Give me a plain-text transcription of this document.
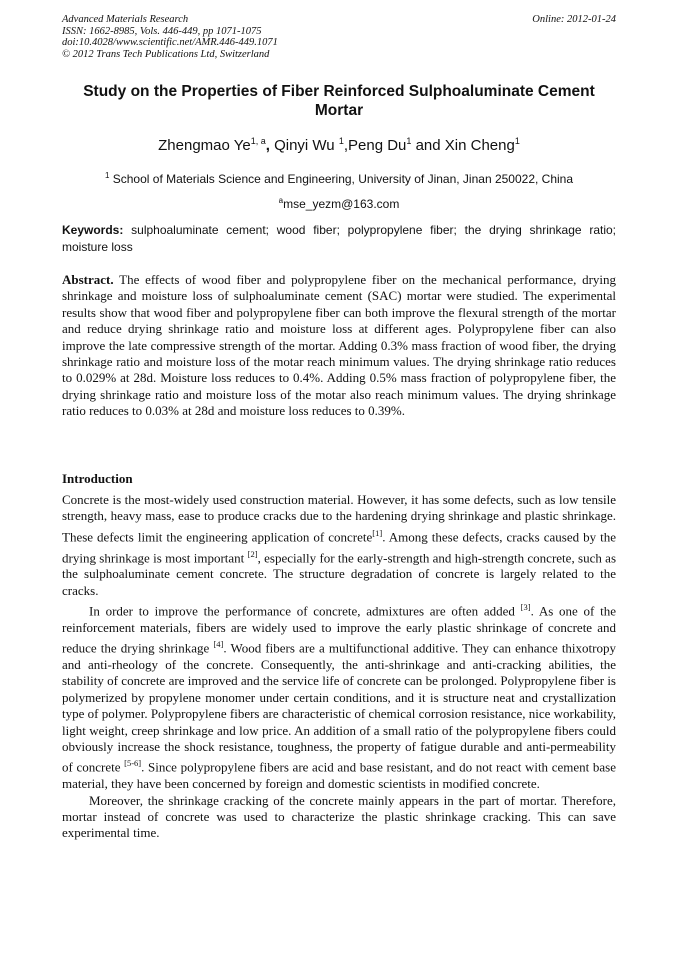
Advanced Materials Research
ISSN: 1662-8985, Vols. 446-449, pp 1071-1075
doi:10.4028/www.scientific.net/AMR.446-449.1071
© 2012 Trans Tech Publications Ltd, Switzerland
Online: 2012-01-24
Study on the Properties of Fiber Reinforced Sulphoaluminate Cement Mortar
Zhengmao Ye$^{1, a}$, Qinyi Wu $^1$,Peng Du$^1$ and Xin Cheng$^1$
$^1$ School of Materials Science and Engineering, University of Jinan, Jinan 250022, China
$^a$mse_yezm@163.com
Keywords: sulphoaluminate cement; wood fiber; polypropylene fiber; the drying shrinkage ratio; moisture loss
Abstract. The effects of wood fiber and polypropylene fiber on the mechanical performance, drying shrinkage and moisture loss of sulphoaluminate cement (SAC) mortar were studied. The experimental results show that wood fiber and polypropylene fiber can both improve the flexural strength of the mortar and reduce drying shrinkage ratio and moisture loss at different ages. Polypropylene fiber can also improve the late compressive strength of the mortar. Adding 0.3% mass fraction of wood fiber, the drying shrinkage ratio and moisture loss of the motar reach minimum values. The drying shrinkage ratio reduces to 0.029% at 28d. Moisture loss reduces to 0.4%. Adding 0.5% mass fraction of polypropylene fiber, the drying shrinkage ratio and moisture loss of the motar also reach minimum values. The drying shrinkage ratio reduces to 0.03% at 28d and moisture loss reduces to 0.39%.
Introduction

Concrete is the most-widely used construction material. However, it has some defects, such as low tensile strength, heavy mass, ease to produce cracks due to the hardening drying shrinkage and plastic shrinkage. These defects limit the engineering application of concrete[1]. Among these defects, cracks caused by the drying shrinkage is most important [2], especially for the early-strength and high-strength concrete, such as the sulphoaluminate cement concrete. The structure degradation of concrete is largely related to the cracks.

In order to improve the performance of concrete, admixtures are often added [3]. As one of the reinforcement materials, fibers are widely used to improve the early plastic shrinkage of concrete and reduce the drying shrinkage [4]. Wood fibers are a multifunctional additive. They can enhance thixotropy and anti-rheology of the concrete. Consequently, the anti-shrinkage and anti-cracking abilities, the stability of concrete are improved and the service life of concrete can be prolonged. Polypropylene fiber is polymerized by propylene monomer under certain conditions, and it is structure neat and crystallization type of polymer. Polypropylene fibers are characteristic of chemical corrosion resistance, nice workability, light weight, creep shrinkage and low price. An addition of a small ratio of the polypropylene fibers could obviously increase the shock resistance, toughness, the property of fatigue durable and anti-permeability of concrete [5-6]. Since polypropylene fibers are acid and base resistant, and do not react with cement base material, they have been concerned by foreign and domestic scientists in modified concrete.

Moreover, the shrinkage cracking of the concrete mainly appears in the part of mortar. Therefore, mortar instead of concrete was used to characterize the plastic shrinkage cracking. This can save experimental time.
